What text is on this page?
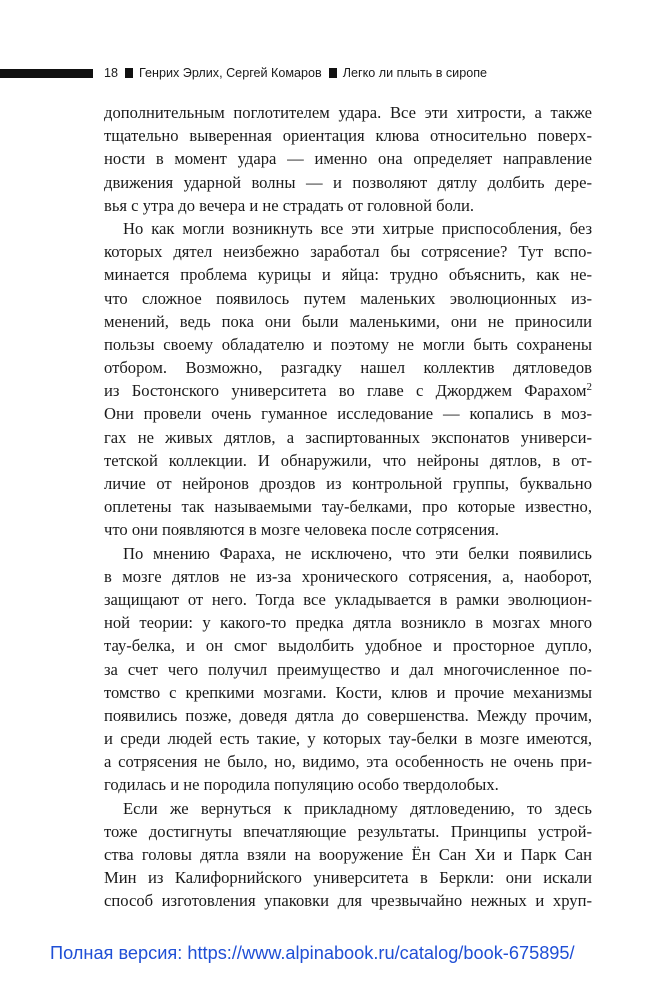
18 Генрих Эрлих, Сергей Комаров Легко ли плыть в сиропе
дополнительным поглотителем удара. Все эти хитрости, а также
тщательно выверенная ориентация клюва относительно поверх-
ности в момент удара — именно она определяет направление
движения ударной волны — и позволяют дятлу долбить дере-
вья с утра до вечера и не страдать от головной боли.
Но как могли возникнуть все эти хитрые приспособления, без
которых дятел неизбежно заработал бы сотрясение? Тут вспо-
минается проблема курицы и яйца: трудно объяснить, как не-
что сложное появилось путем маленьких эволюционных из-
менений, ведь пока они были маленькими, они не приносили
пользы своему обладателю и поэтому не могли быть сохранены
отбором. Возможно, разгадку нашел коллектив дятловедов
из Бостонского университета во главе с Джорджем Фарахом$^2$
Они провели очень гуманное исследование — копались в моз-
гах не живых дятлов, а заспиртованных экспонатов универси-
тетской коллекции. И обнаружили, что нейроны дятлов, в от-
личие от нейронов дроздов из контрольной группы, буквально
оплетены так называемыми тау-белками, про которые известно,
что они появляются в мозге человека после сотрясения.
По мнению Фараха, не исключено, что эти белки появились
в мозге дятлов не из-за хронического сотрясения, а, наоборот,
защищают от него. Тогда все укладывается в рамки эволюцион-
ной теории: у какого-то предка дятла возникло в мозгах много
тау-белка, и он смог выдолбить удобное и просторное дупло,
за счет чего получил преимущество и дал многочисленное по-
томство с крепкими мозгами. Кости, клюв и прочие механизмы
появились позже, доведя дятла до совершенства. Между прочим,
и среди людей есть такие, у которых тау-белки в мозге имеются,
а сотрясения не было, но, видимо, эта особенность не очень при-
годилась и не породила популяцию особо твердолобых.
Если же вернуться к прикладному дятловедению, то здесь
тоже достигнуты впечатляющие результаты. Принципы устрой-
ства головы дятла взяли на вооружение Ён Сан Хи и Парк Сан
Мин из Калифорнийского университета в Беркли: они искали
способ изготовления упаковки для чрезвычайно нежных и хруп-
Полная версия: https://www.alpinabook.ru/catalog/book-675895/
